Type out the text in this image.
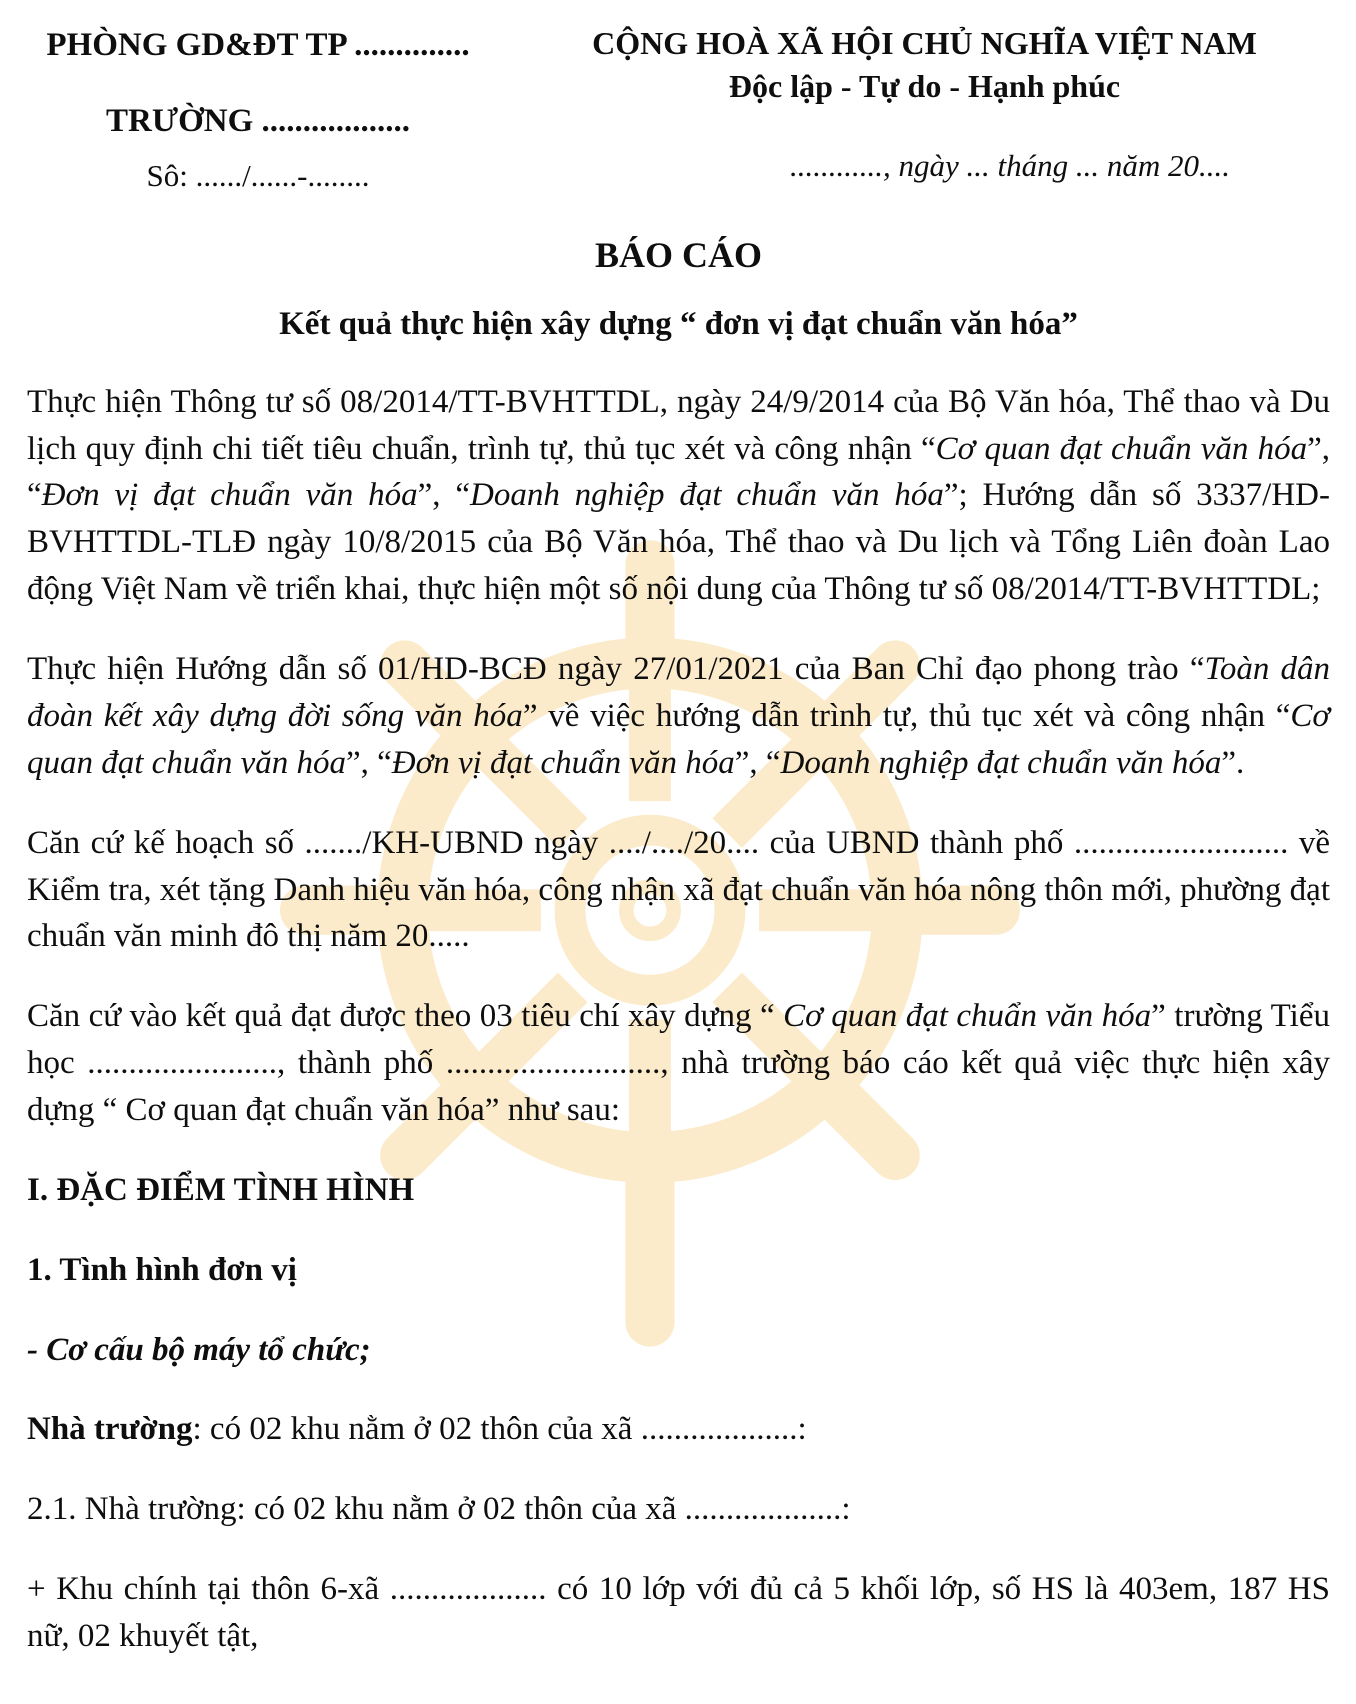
PHÒNG GD&ĐT TP ..............
TRƯỜNG ..................
Sô: ....../......-........
CỘNG HOÀ XÃ HỘI CHỦ NGHĨA VIỆT NAM
Độc lập - Tự do - Hạnh phúc
............, ngày ... tháng ... năm 20....
BÁO CÁO
Kết quả thực hiện xây dựng “ đơn vị đạt chuẩn văn hóa”

Thực hiện Thông tư số 08/2014/TT-BVHTTDL, ngày 24/9/2014 của Bộ Văn hóa, Thể thao và Du lịch quy định chi tiết tiêu chuẩn, trình tự, thủ tục xét và công nhận “Cơ quan đạt chuẩn văn hóa”, “Đơn vị đạt chuẩn văn hóa”, “Doanh nghiệp đạt chuẩn văn hóa”; Hướng dẫn số 3337/HD-BVHTTDL-TLĐ ngày 10/8/2015 của Bộ Văn hóa, Thể thao và Du lịch và Tổng Liên đoàn Lao động Việt Nam về triển khai, thực hiện một số nội dung của Thông tư số 08/2014/TT-BVHTTDL;

Thực hiện Hướng dẫn số 01/HD-BCĐ ngày 27/01/2021 của Ban Chỉ đạo phong trào “Toàn dân đoàn kết xây dựng đời sống văn hóa” về việc hướng dẫn trình tự, thủ tục xét và công nhận “Cơ quan đạt chuẩn văn hóa”, “Đơn vị đạt chuẩn văn hóa”, “Doanh nghiệp đạt chuẩn văn hóa”.

Căn cứ kế hoạch số ......./KH-UBND ngày ..../..../20.... của UBND thành phố .......................... về Kiểm tra, xét tặng Danh hiệu văn hóa, công nhận xã đạt chuẩn văn hóa nông thôn mới, phường đạt chuẩn văn minh đô thị năm 20.....

Căn cứ vào kết quả đạt được theo 03 tiêu chí xây dựng “ Cơ quan đạt chuẩn văn hóa” trường Tiểu học ......................., thành phố .........................., nhà trường báo cáo kết quả việc thực hiện xây dựng “ Cơ quan đạt chuẩn văn hóa” như sau:

I. ĐẶC ĐIỂM TÌNH HÌNH

1. Tình hình đơn vị

- Cơ cấu bộ máy tổ chức;

Nhà trường: có 02 khu nằm ở 02 thôn của xã ...................:

2.1. Nhà trường: có 02 khu nằm ở 02 thôn của xã ...................:

+ Khu chính tại thôn 6-xã ................... có 10 lớp với đủ cả 5 khối lớp, số HS là 403em, 187 HS nữ, 02 khuyết tật,
